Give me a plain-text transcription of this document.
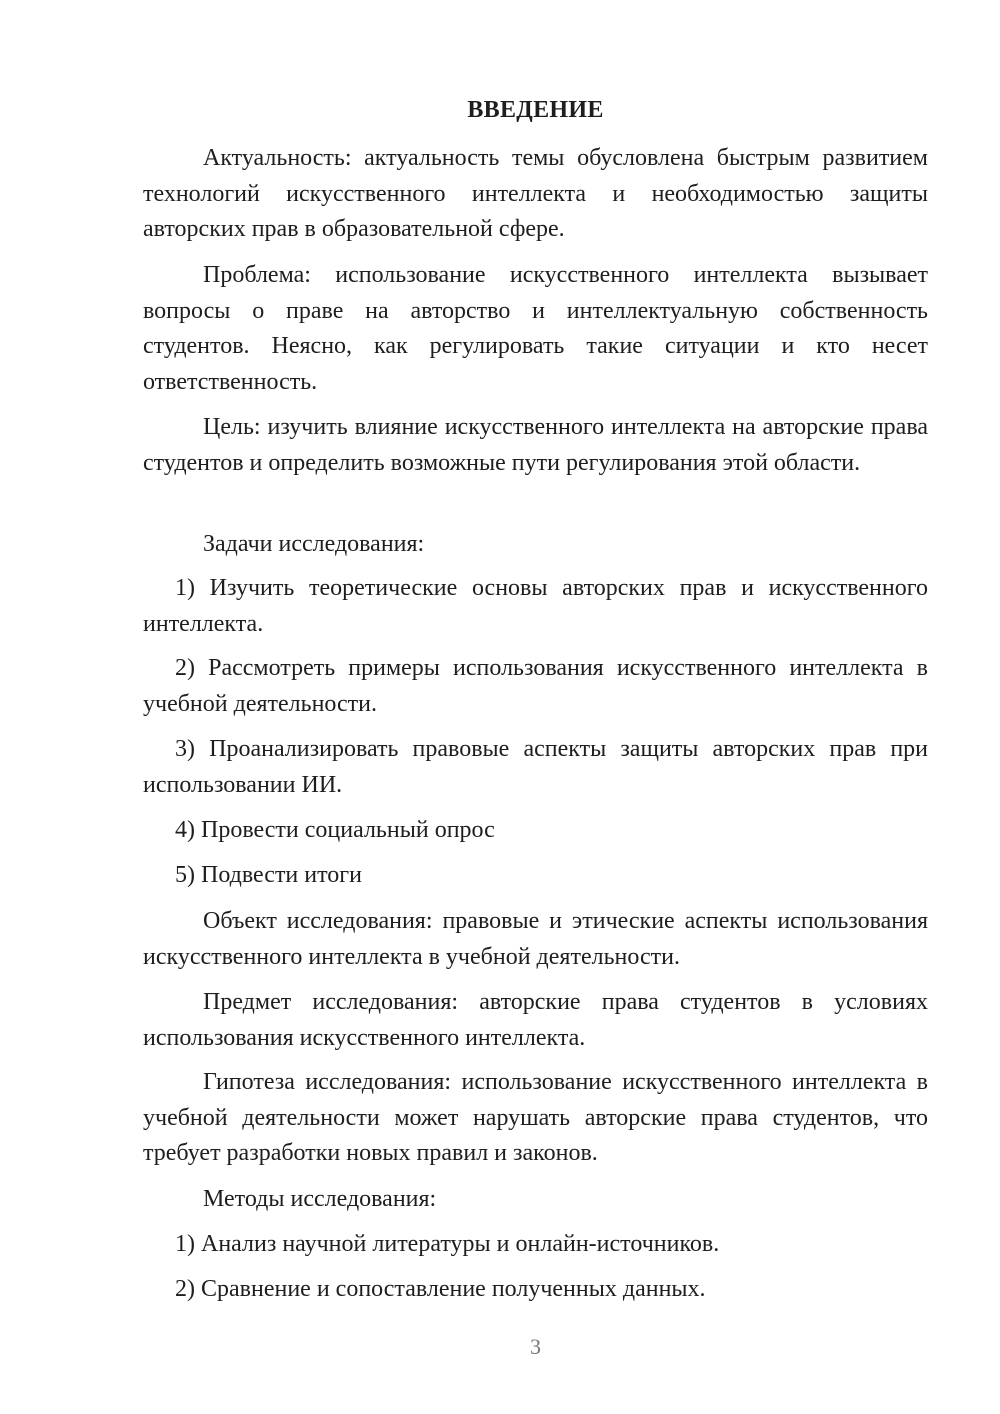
ВВЕДЕНИЕ
Актуальность: актуальность темы обусловлена быстрым развитием технологий искусственного интеллекта и необходимостью защиты авторских прав в образовательной сфере.
Проблема: использование искусственного интеллекта вызывает вопросы о праве на авторство и интеллектуальную собственность студентов. Неясно, как регулировать такие ситуации и кто несет ответственность.
Цель: изучить влияние искусственного интеллекта на авторские права студентов и определить возможные пути регулирования этой области.
Задачи исследования:
1) Изучить теоретические основы авторских прав и искусственного интеллекта.
2) Рассмотреть примеры использования искусственного интеллекта в учебной деятельности.
3) Проанализировать правовые аспекты защиты авторских прав при использовании ИИ.
4) Провести социальный опрос
5) Подвести итоги
Объект исследования: правовые и этические аспекты использования искусственного интеллекта в учебной деятельности.
Предмет исследования: авторские права студентов в условиях использования искусственного интеллекта.
Гипотеза исследования: использование искусственного интеллекта в учебной деятельности может нарушать авторские права студентов, что требует разработки новых правил и законов.
Методы исследования:
1) Анализ научной литературы и онлайн-источников.
2) Сравнение и сопоставление полученных данных.
3
